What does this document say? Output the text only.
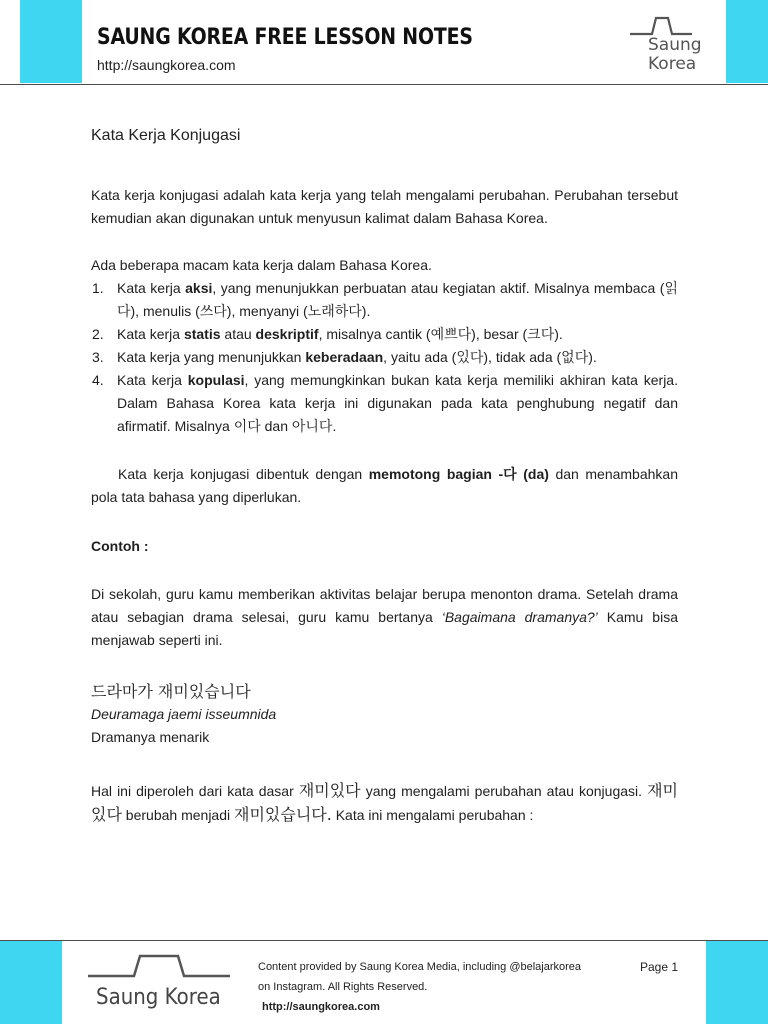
SAUNG KOREA FREE LESSON NOTES
http://saungkorea.com
Saung
Korea
Kata Kerja Konjugasi

Kata kerja konjugasi adalah kata kerja yang telah mengalami perubahan. Perubahan tersebut kemudian akan digunakan untuk menyusun kalimat dalam Bahasa Korea.

Ada beberapa macam kata kerja dalam Bahasa Korea.

1. Kata kerja aksi, yang menunjukkan perbuatan atau kegiatan aktif. Misalnya membaca (읽다), menulis (쓰다), menyanyi (노래하다).
2. Kata kerja statis atau deskriptif, misalnya cantik (예쁘다), besar (크다).
3. Kata kerja yang menunjukkan keberadaan, yaitu ada (있다), tidak ada (없다).
4. Kata kerja kopulasi, yang memungkinkan bukan kata kerja memiliki akhiran kata kerja. Dalam Bahasa Korea kata kerja ini digunakan pada kata penghubung negatif dan afirmatif. Misalnya 이다 dan 아니다.

Kata kerja konjugasi dibentuk dengan memotong bagian -다 (da) dan menambahkan pola tata bahasa yang diperlukan.

Contoh :

Di sekolah, guru kamu memberikan aktivitas belajar berupa menonton drama. Setelah drama atau sebagian drama selesai, guru kamu bertanya ‘Bagaimana dramanya?’ Kamu bisa menjawab seperti ini.

드라마가 재미있습니다

Deuramaga jaemi isseumnida

Dramanya menarik

Hal ini diperoleh dari kata dasar 재미있다 yang mengalami perubahan atau konjugasi. 재미있다 berubah menjadi 재미있습니다. Kata ini mengalami perubahan :

Saung Korea
Content provided by Saung Korea Media, including @belajarkorea
on Instagram. All Rights Reserved.
http://saungkorea.com
Page 1
